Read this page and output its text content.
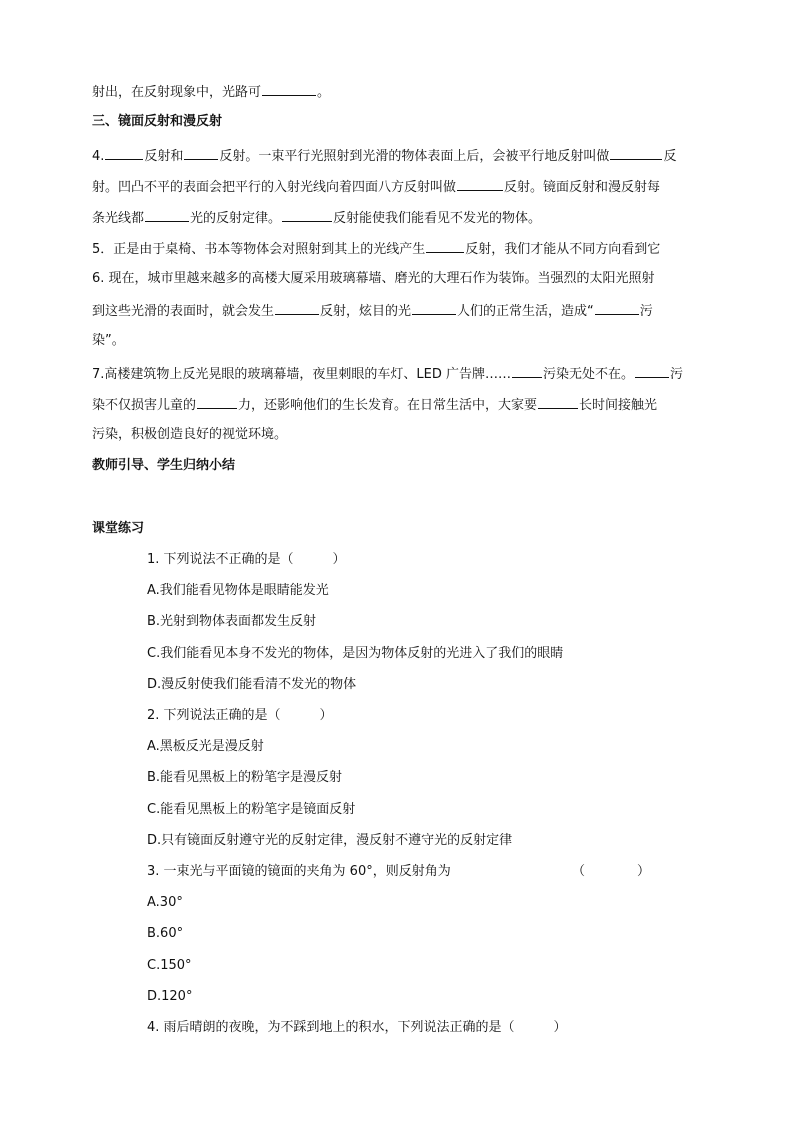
射出，在反射现象中，光路可	。
三、镜面反射和漫反射
4.	反射和	反射。一束平行光照射到光滑的物体表面上后，会被平行地反射叫做	反
射。凹凸不平的表面会把平行的入射光线向着四面八方反射叫做	反射。镜面反射和漫反射每
条光线都	光的反射定律。	反射能使我们能看见不发光的物体。
5．正是由于桌椅、书本等物体会对照射到其上的光线产生	反射，我们才能从不同方向看到它
6. 现在，城市里越来越多的高楼大厦采用玻璃幕墙、磨光的大理石作为装饰。当强烈的太阳光照射
到这些光滑的表面时，就会发生	反射，炫目的光	人们的正常生活，造成“	污
染”。
7.高楼建筑物上反光晃眼的玻璃幕墙，夜里刺眼的车灯、LED 广告牌…… 污染无处不在。	污
染不仅损害儿童的	力，还影响他们的生长发育。在日常生活中，大家要	长时间接触光
污染，积极创造良好的视觉环境。
教师引导、学生归纳小结
课堂练习
1. 下列说法不正确的是（　　　）
A.我们能看见物体是眼睛能发光
B.光射到物体表面都发生反射
C.我们能看见本身不发光的物体，是因为物体反射的光进入了我们的眼睛
D.漫反射使我们能看清不发光的物体
2. 下列说法正确的是（　　　）
A.黑板反光是漫反射
B.能看见黑板上的粉笔字是漫反射
C.能看见黑板上的粉笔字是镜面反射
D.只有镜面反射遵守光的反射定律，漫反射不遵守光的反射定律
3. 一束光与平面镜的镜面的夹角为 60°，则反射角为	（　　　　）
A.30°
B.60°
C.150°
D.120°
4. 雨后晴朗的夜晚，为不踩到地上的积水，下列说法正确的是（　　　）
